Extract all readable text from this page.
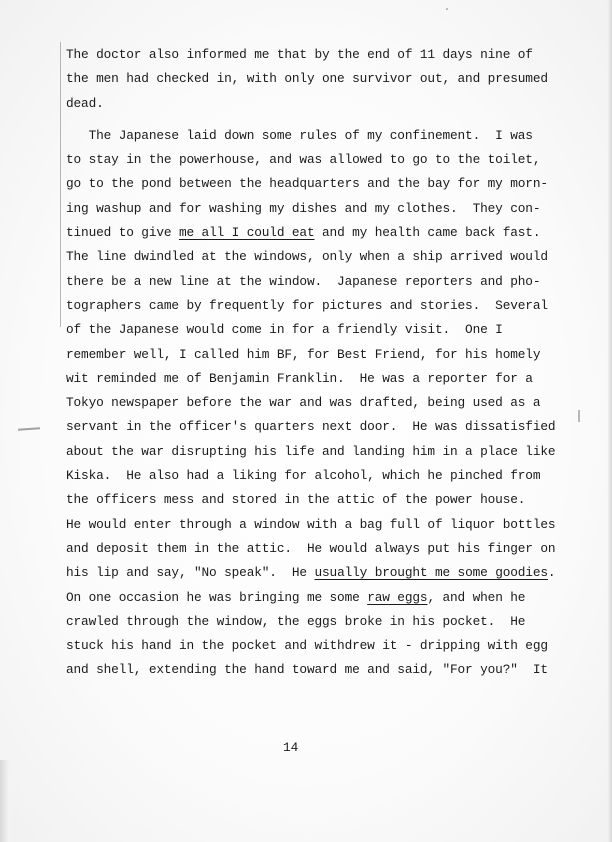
The doctor also informed me that by the end of 11 days nine of
the men had checked in, with only one survivor out, and presumed
dead.
The Japanese laid down some rules of my confinement.  I was
to stay in the powerhouse, and was allowed to go to the toilet,
go to the pond between the headquarters and the bay for my morn-
ing washup and for washing my dishes and my clothes.  They con-
tinued to give me all I could eat and my health came back fast.
The line dwindled at the windows, only when a ship arrived would
there be a new line at the window.  Japanese reporters and pho-
tographers came by frequently for pictures and stories.  Several
of the Japanese would come in for a friendly visit.  One I
remember well, I called him BF, for Best Friend, for his homely
wit reminded me of Benjamin Franklin.  He was a reporter for a
Tokyo newspaper before the war and was drafted, being used as a
servant in the officer's quarters next door.  He was dissatisfied
about the war disrupting his life and landing him in a place like
Kiska.  He also had a liking for alcohol, which he pinched from
the officers mess and stored in the attic of the power house.
He would enter through a window with a bag full of liquor bottles
and deposit them in the attic.  He would always put his finger on
his lip and say, "No speak".  He usually brought me some goodies.
On one occasion he was bringing me some raw eggs, and when he
crawled through the window, the eggs broke in his pocket.  He
stuck his hand in the pocket and withdrew it - dripping with egg
and shell, extending the hand toward me and said, "For you?"  It
14
